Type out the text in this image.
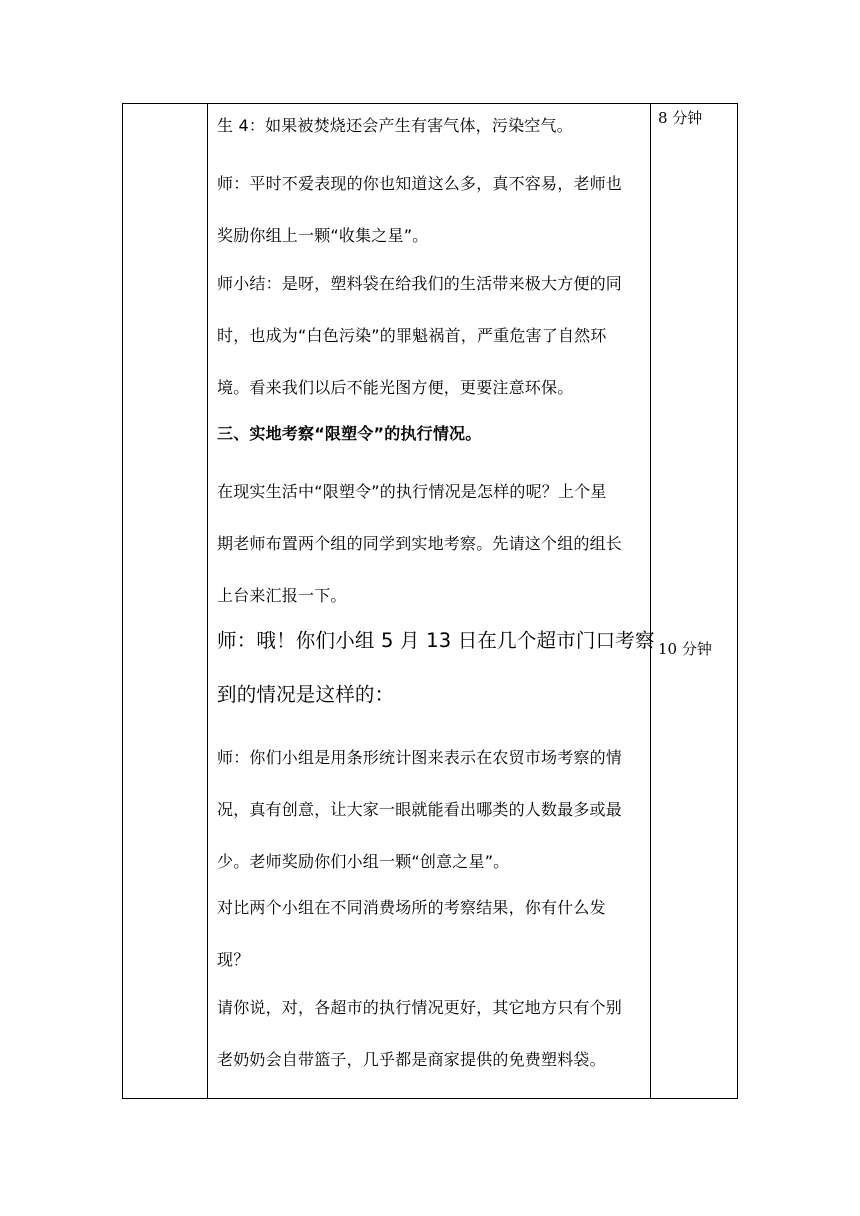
生 4：如果被焚烧还会产生有害气体，污染空气。
师：平时不爱表现的你也知道这么多，真不容易，老师也
奖励你组上一颗“收集之星”。
师小结：是呀，塑料袋在给我们的生活带来极大方便的同
时，也成为“白色污染”的罪魁祸首，严重危害了自然环
境。看来我们以后不能光图方便，更要注意环保。
三、实地考察“限塑令”的执行情况。
在现实生活中“限塑令”的执行情况是怎样的呢？上个星
期老师布置两个组的同学到实地考察。先请这个组的组长
上台来汇报一下。
师：哦！你们小组 5 月 13 日在几个超市门口考察
到的情况是这样的：
师：你们小组是用条形统计图来表示在农贸市场考察的情
况，真有创意，让大家一眼就能看出哪类的人数最多或最
少。老师奖励你们小组一颗“创意之星”。
对比两个小组在不同消费场所的考察结果，你有什么发
现？
请你说，对，各超市的执行情况更好，其它地方只有个别
老奶奶会自带篮子，几乎都是商家提供的免费塑料袋。
8 分钟
10 分钟
